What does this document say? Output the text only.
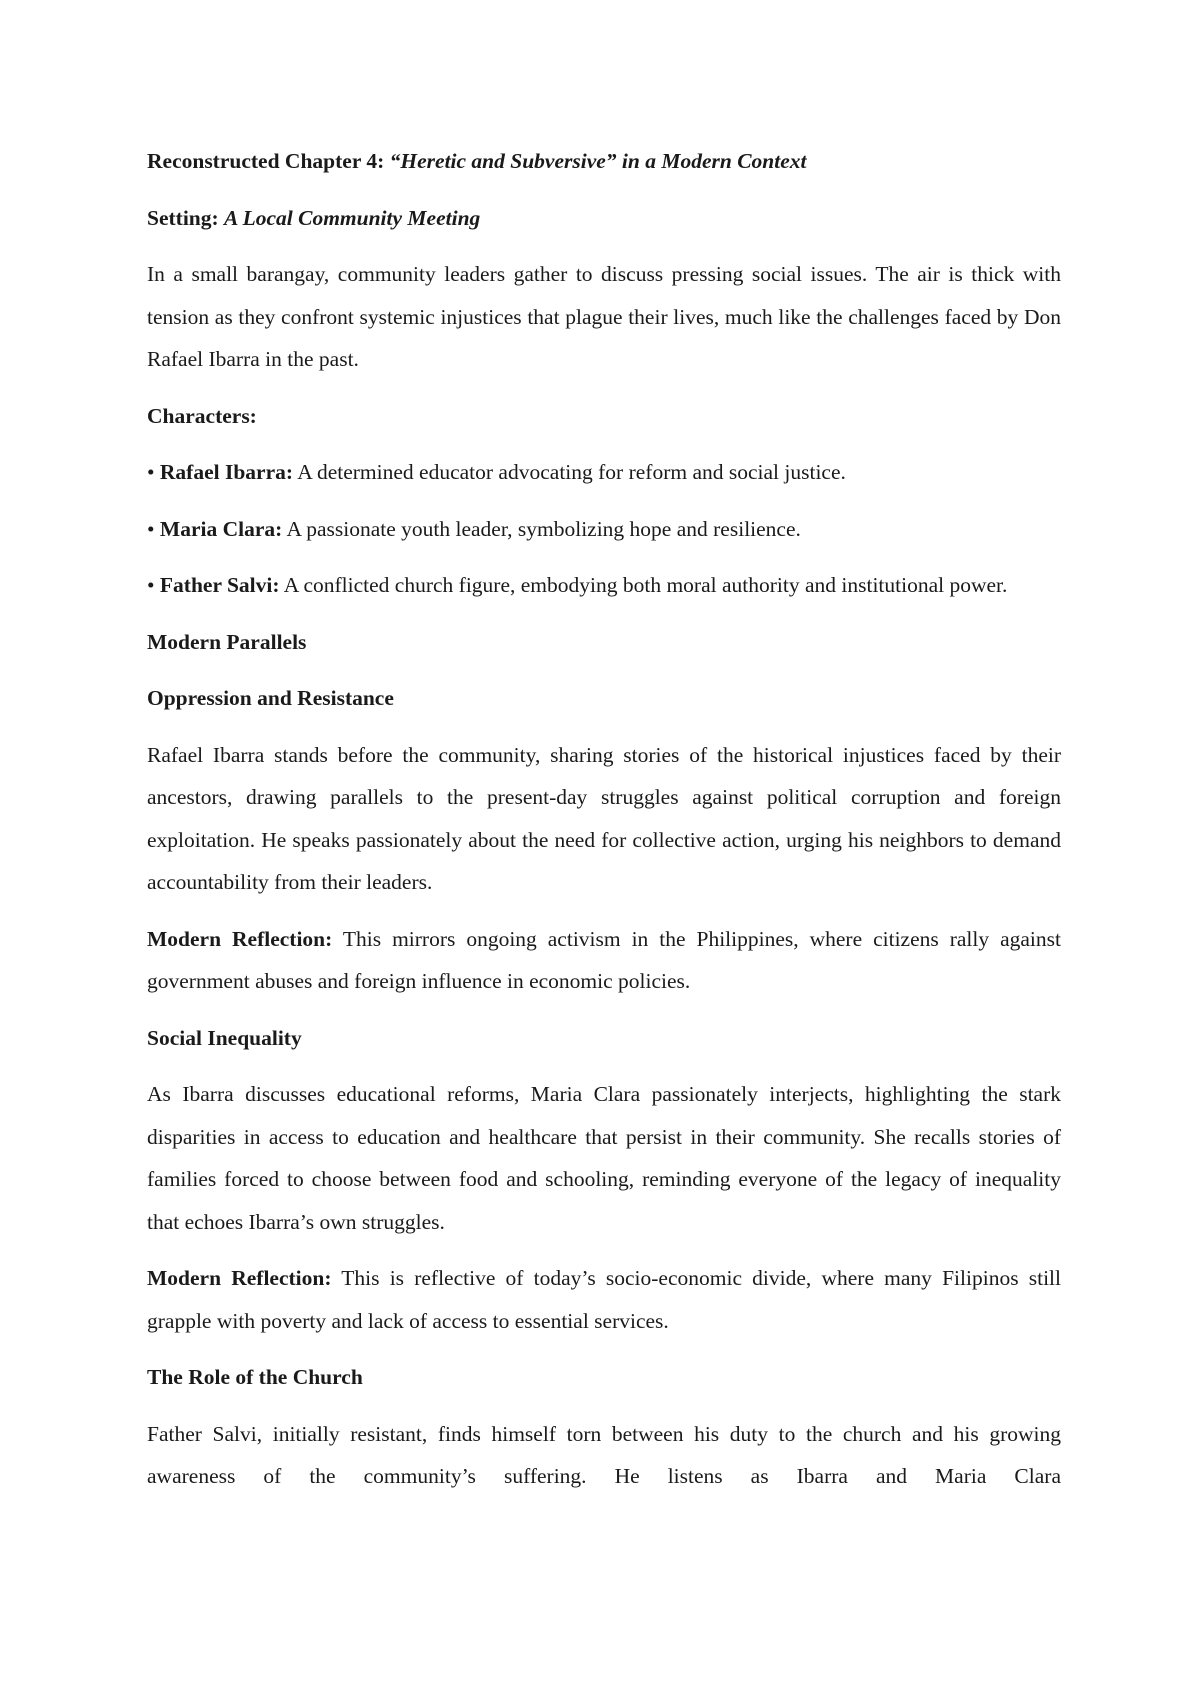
Reconstructed Chapter 4: “Heretic and Subversive” in a Modern Context
Setting: A Local Community Meeting
In a small barangay, community leaders gather to discuss pressing social issues. The air is thick with tension as they confront systemic injustices that plague their lives, much like the challenges faced by Don Rafael Ibarra in the past.
Characters:
• Rafael Ibarra: A determined educator advocating for reform and social justice.
• Maria Clara: A passionate youth leader, symbolizing hope and resilience.
• Father Salvi: A conflicted church figure, embodying both moral authority and institutional power.
Modern Parallels
Oppression and Resistance
Rafael Ibarra stands before the community, sharing stories of the historical injustices faced by their ancestors, drawing parallels to the present-day struggles against political corruption and foreign exploitation. He speaks passionately about the need for collective action, urging his neighbors to demand accountability from their leaders.
Modern Reflection: This mirrors ongoing activism in the Philippines, where citizens rally against government abuses and foreign influence in economic policies.
Social Inequality
As Ibarra discusses educational reforms, Maria Clara passionately interjects, highlighting the stark disparities in access to education and healthcare that persist in their community. She recalls stories of families forced to choose between food and schooling, reminding everyone of the legacy of inequality that echoes Ibarra’s own struggles.
Modern Reflection: This is reflective of today’s socio-economic divide, where many Filipinos still grapple with poverty and lack of access to essential services.
The Role of the Church
Father Salvi, initially resistant, finds himself torn between his duty to the church and his growing awareness of the community’s suffering. He listens as Ibarra and Maria Clara
